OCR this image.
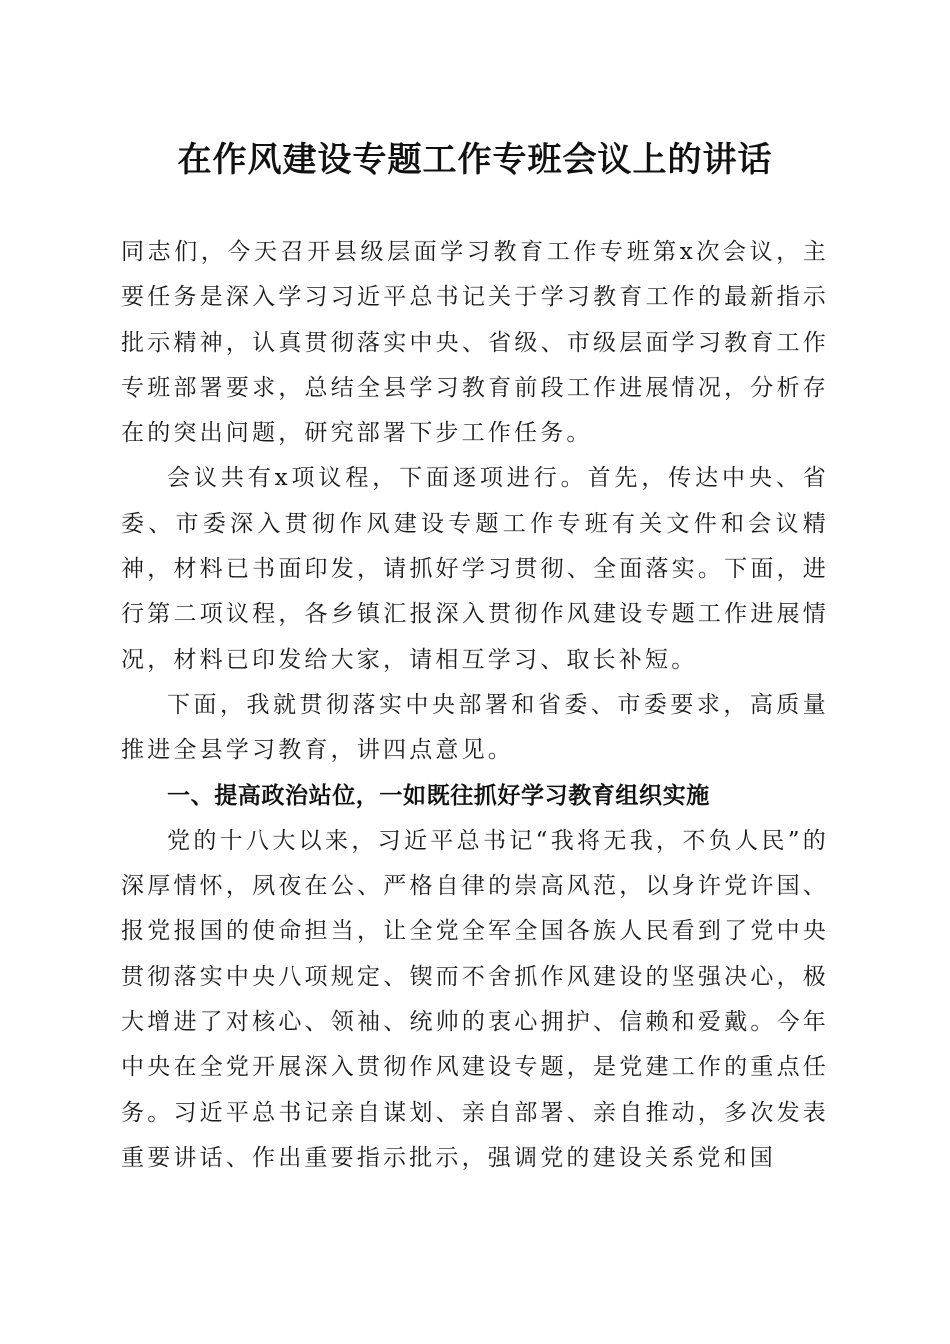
在作风建设专题工作专班会议上的讲话

同志们，今天召开县级层面学习教育工作专班第x次会议，主要任务是深入学习习近平总书记关于学习教育工作的最新指示批示精神，认真贯彻落实中央、省级、市级层面学习教育工作专班部署要求，总结全县学习教育前段工作进展情况，分析存在的突出问题，研究部署下步工作任务。

会议共有x项议程，下面逐项进行。首先，传达中央、省委、市委深入贯彻作风建设专题工作专班有关文件和会议精神，材料已书面印发，请抓好学习贯彻、全面落实。下面，进行第二项议程，各乡镇汇报深入贯彻作风建设专题工作进展情况，材料已印发给大家，请相互学习、取长补短。

下面，我就贯彻落实中央部署和省委、市委要求，高质量推进全县学习教育，讲四点意见。

一、提高政治站位，一如既往抓好学习教育组织实施

党的十八大以来，习近平总书记“我将无我，不负人民”的深厚情怀，夙夜在公、严格自律的崇高风范，以身许党许国、报党报国的使命担当，让全党全军全国各族人民看到了党中央贯彻落实中央八项规定、锲而不舍抓作风建设的坚强决心，极大增进了对核心、领袖、统帅的衷心拥护、信赖和爱戴。今年中央在全党开展深入贯彻作风建设专题，是党建工作的重点任务。习近平总书记亲自谋划、亲自部署、亲自推动，多次发表重要讲话、作出重要指示批示，强调党的建设关系党和国
